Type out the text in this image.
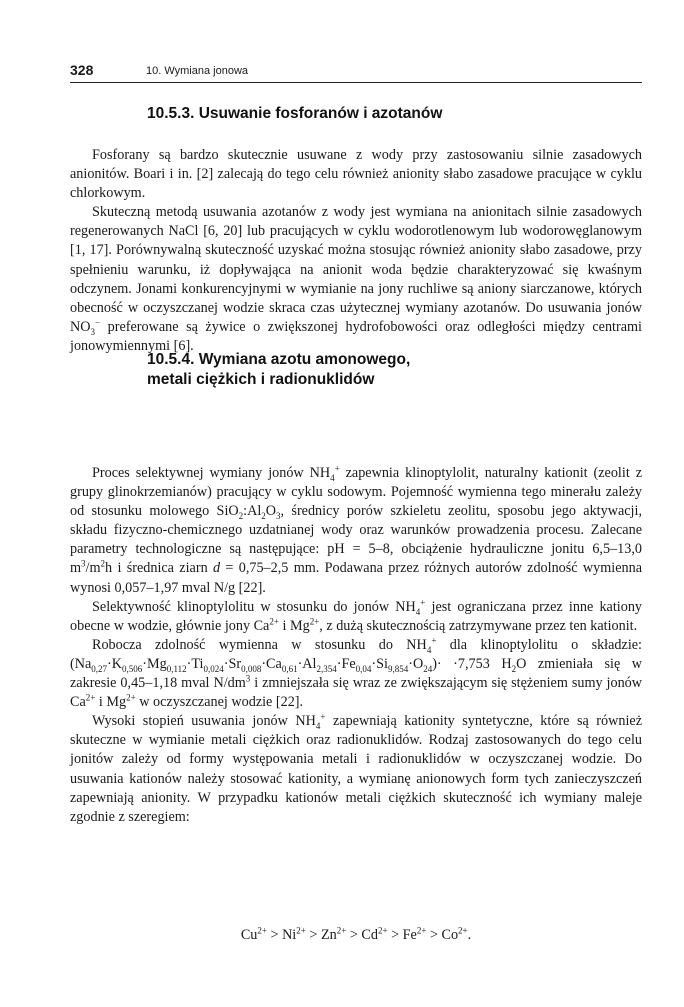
328	10. Wymiana jonowa
10.5.3. Usuwanie fosforanów i azotanów

Fosforany są bardzo skutecznie usuwane z wody przy zastosowaniu silnie zasadowych anionitów. Boari i in. [2] zalecają do tego celu również anionity słabo zasadowe pracujące w cyklu chlorkowym.

Skuteczną metodą usuwania azotanów z wody jest wymiana na anionitach silnie zasadowych regenerowanych NaCl [6, 20] lub pracujących w cyklu wodorotlenowym lub wodorowęglanowym [1, 17]. Porównywalną skuteczność uzyskać można stosując również anionity słabo zasadowe, przy spełnieniu warunku, iż dopływająca na anionit woda będzie charakteryzować się kwaśnym odczynem. Jonami konkurencyjnymi w wymianie na jony ruchliwe są aniony siarczanowe, których obecność w oczyszczanej wodzie skraca czas użytecznej wymiany azotanów. Do usuwania jonów $NO_3^-$ preferowane są żywice o zwiększonej hydrofobowości oraz odległości między centrami jonowymiennymi [6].

10.5.4. Wymiana azotu amonowego,
metali ciężkich i radionuklidów

Proces selektywnej wymiany jonów $NH_4^+$ zapewnia klinoptylolit, naturalny kationit (zeolit z grupy glinokrzemianów) pracujący w cyklu sodowym. Pojemność wymienna tego minerału zależy od stosunku molowego $SiO_2:Al_2O_3$, średnicy porów szkieletu zeolitu, sposobu jego aktywacji, składu fizyczno-chemicznego uzdatnianej wody oraz warunków prowadzenia procesu. Zalecane parametry technologiczne są następujące: pH = 5–8, obciążenie hydrauliczne jonitu 6,5–13,0 $m^3/m^2h$ i średnica ziarn d = 0,75–2,5 mm. Podawana przez różnych autorów zdolność wymienna wynosi 0,057–1,97 mval N/g [22].

Selektywność klinoptylolitu w stosunku do jonów $NH_4^+$ jest ograniczana przez inne kationy obecne w wodzie, głównie jony $Ca^{2+}$ i $Mg^{2+}$, z dużą skutecznością zatrzymywane przez ten kationit.

Robocza zdolność wymienna w stosunku do $NH_4^+$ dla klinoptylolitu o składzie: $(Na_{0,27}\cdot K_{0,506}\cdot Mg_{0,112}\cdot Ti_{0,024}\cdot Sr_{0,008}\cdot Ca_{0,61}\cdot Al_{2,354}\cdot Fe_{0,04}\cdot Si_{9,854}\cdot O_{24})\cdot \cdot 7,753$ $H_2O$ zmieniała się w zakresie 0,45–1,18 mval $N/dm^3$ i zmniejszała się wraz ze zwiększającym się stężeniem sumy jonów $Ca^{2+}$ i $Mg^{2+}$ w oczyszczanej wodzie [22].

Wysoki stopień usuwania jonów $NH_4^+$ zapewniają kationity syntetyczne, które są również skuteczne w wymianie metali ciężkich oraz radionuklidów. Rodzaj zastosowanych do tego celu jonitów zależy od formy występowania metali i radionuklidów w oczyszczanej wodzie. Do usuwania kationów należy stosować kationity, a wymianę anionowych form tych zanieczyszczeń zapewniają anionity. W przypadku kationów metali ciężkich skuteczność ich wymiany maleje zgodnie z szeregiem:

$Cu^{2+} > Ni^{2+} > Zn^{2+} > Cd^{2+} > Fe^{2+} > Co^{2+}$.
